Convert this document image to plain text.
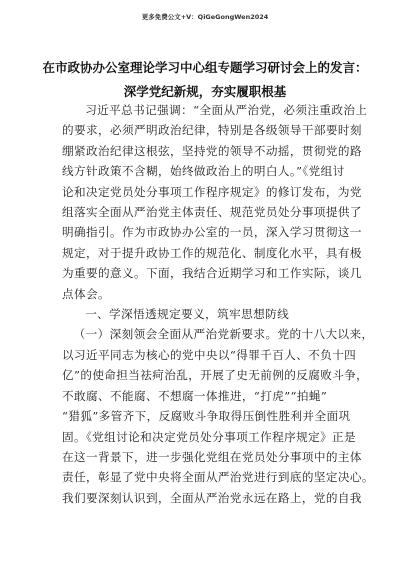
更多免费公文+V：QiGeGongWen2024
在市政协办公室理论学习中心组专题学习研讨会上的发言：
深学党纪新规，夯实履职根基

习近平总书记强调：“全面从严治党，必须注重政治上

的要求，必须严明政治纪律，特别是各级领导干部要时刻

绷紧政治纪律这根弦，坚持党的领导不动摇，贯彻党的路

线方针政策不含糊，始终做政治上的明白人。”《党组讨

论和决定党员处分事项工作程序规定》的修订发布，为党

组落实全面从严治党主体责任、规范党员处分事项提供了

明确指引。作为市政协办公室的一员，深入学习贯彻这一

规定，对于提升政协工作的规范化、制度化水平，具有极

为重要的意义。下面，我结合近期学习和工作实际，谈几

点体会。

一、学深悟透规定要义，筑牢思想防线

（一）深刻领会全面从严治党新要求。党的十八大以来，

以习近平同志为核心的党中央以“得罪千百人、不负十四

亿”的使命担当祛疴治乱，开展了史无前例的反腐败斗争，

不敢腐、不能腐、不想腐一体推进，“打虎”“拍蝇”

“猎狐”多管齐下，反腐败斗争取得压倒性胜利并全面巩

固。《党组讨论和决定党员处分事项工作程序规定》正是

在这一背景下，进一步强化党组在党员处分事项中的主体

责任，彰显了党中央将全面从严治党进行到底的坚定决心。

我们要深刻认识到，全面从严治党永远在路上，党的自我
